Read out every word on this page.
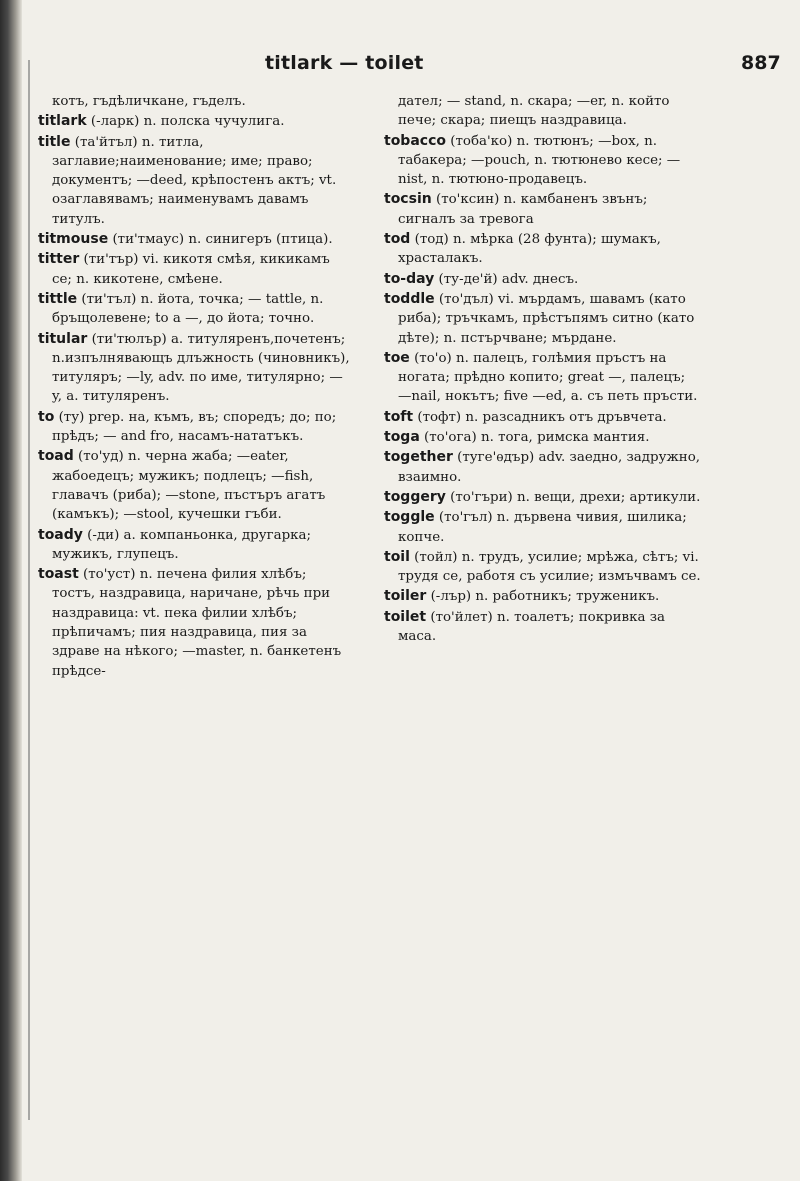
titlark — toilet	887
котъ, гъдѣличкане, гъделъ.
titlark (-ларк) n. полска чучулига.
title (та'йтъл) n. титла, заглавие;наименование; име; право; документъ; —deed, крѣпостенъ актъ; vt. озаглавявамъ; наименувамъ давамъ титулъ.
titmouse (ти'тмаус) n. синигеръ (птица).
titter (ти'тър) vi. кикотя смѣя, кикикамъ се; n. кикотене, смѣене.
tittle (ти'тъл) n. йота, точка; — tattle, n. бръщолевене; to a —, до йота; точно.
titular (ти'тюлър) a. титуляренъ,почетенъ; n.изпълнявающъ длъжность (чиновникъ), титуляръ; —ly, adv. по име, титулярно; —y, a. титуляренъ.
to (ту) prep. на, къмъ, въ; споредъ; до; по; прѣдъ; — and fro, насамъ-нататъкъ.
toad (то'уд) n. черна жаба; —eater, жабоедецъ; мужикъ; подлецъ; —fish, главачъ (риба); —stone, пъстъръ агатъ (камъкъ); —stool, кучешки гъби.
toady (-ди) a. компаньонка, другарка; мужикъ, глупецъ.
toast (то'уст) n. печена филия хлѣбъ; тостъ, наздравица, наричане, рѣчь при наздравица: vt. пека филии хлѣбъ; прѣпичамъ; пия наздравица, пия за здраве на нѣкого; —master, n. банкетенъ прѣдсе-
дател; — stand, n. скара; —er, n. който пече; скара; пиещъ наздравица.
tobacco (тоба'ко) n. тютюнъ; —box, n. табакера; —pouch, n. тютюнево кесе; —nist, n. тютюно-продавецъ.
tocsin (то'ксин) n. камбаненъ звънъ; сигналъ за тревога
tod (тод) n. мѣрка (28 фунта); шумакъ, храсталакъ.
to-day (ту-де'й) adv. днесъ.
toddle (то'дъл) vi. мърдамъ, шавамъ (като риба); тръчкамъ, прѣстъпямъ ситно (като дѣте); n. пстърчване; мърдане.
toe (то'о) n. палецъ, голѣмия пръстъ на ногата; прѣдно копито; great —, палецъ; —nail, нокътъ; five —ed, a. съ петь пръсти.
toft (тофт) n. разсадникъ отъ дръвчета.
toga (то'ога) n. тога, римска мантия.
together (туге'ѳдър) adv. заедно, задружно, взаимно.
toggery (то'гъри) n. вещи, дрехи; артикули.
toggle (то'гъл) n. дървена чивия, шилика; копче.
toil (тойл) n. трудъ, усилие; мрѣжа, сѣтъ; vi. трудя се, работя съ усилие; измъчвамъ се.
toiler (-лър) n. работникъ; труженикъ.
toilet (то'йлет) n. тоалетъ; покривка за маса.
